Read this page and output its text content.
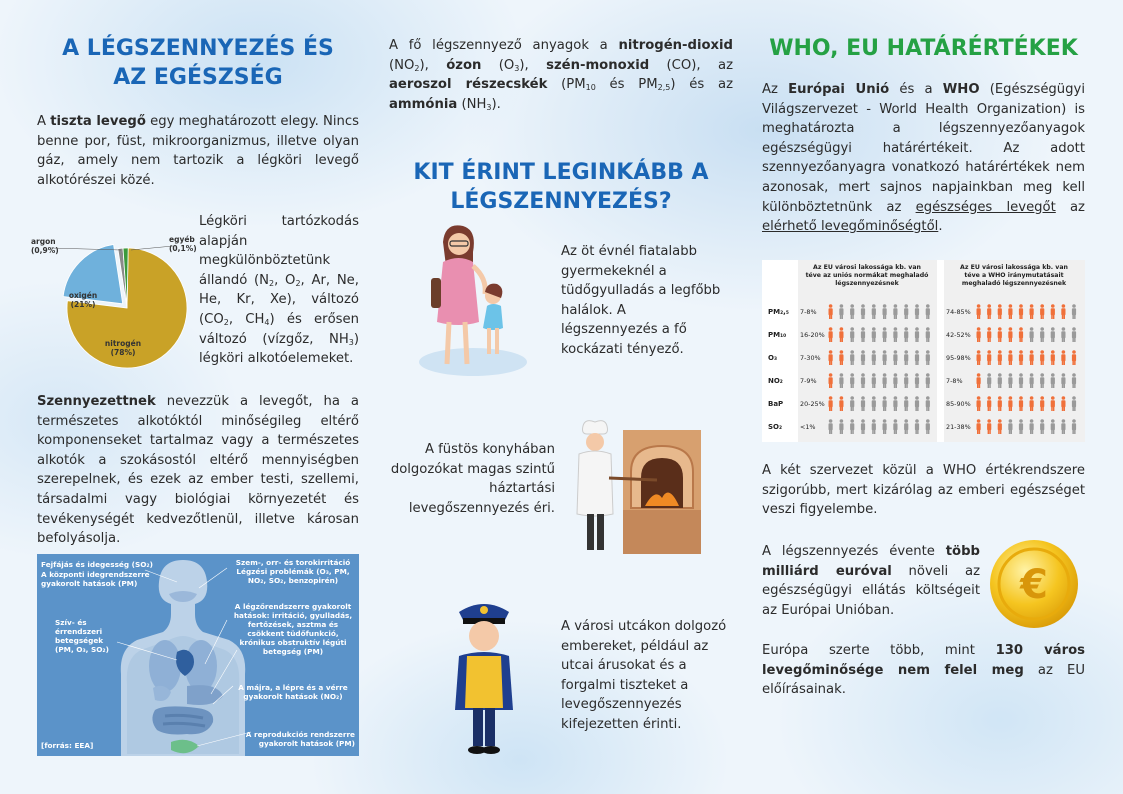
A LÉGSZENNYEZÉS ÉS
AZ EGÉSZSÉG

A tiszta levegő egy meghatározott elegy. Nincs benne por, füst, mikroorganizmus, illetve olyan gáz, amely nem tartozik a légköri levegő alkotórészei közé.

nitrogén
(78%)
oxigén
(21%)
argon
(0,9%)
egyéb
(0,1%)

Légköri tartózkodás alapján megkülönböztetünk állandó ($N_2$, $O_2$, Ar, Ne, He, Kr, Xe), változó ($CO_2$, $CH_4$) és erősen változó (vízgőz, $NH_3$) légköri alkotóelemeket.

Szennyezettnek nevezzük a levegőt, ha a természetes alkotóktól minőségileg eltérő komponenseket tartalmaz vagy a természetes alkotók a szokásostól eltérő mennyiségben szerepelnek, és ezek az ember testi, szellemi, társadalmi vagy biológiai környezetét és tevékenységét kedvezőtlenül, illetve károsan befolyásolja.

Fejfájás és idegesség (SO₂)
A központi idegrendszerre gyakorolt hatások (PM)
Szív- és érrendszeri betegségek (PM, O₃, SO₂)
Szem-, orr- és torokirritáció Légzési problémák (O₃, PM, NO₂, SO₂, benzopirén)
A légzőrendszerre gyakorolt hatások: irritáció, gyulladás, fertőzések, asztma és csökkent tüdőfunkció, krónikus obstruktív légúti betegség (PM)
A májra, a lépre és a vérre gyakorolt hatások (NO₂)
A reprodukciós rendszerre gyakorolt hatások (PM)
[forrás: EEA]

A fő légszennyező anyagok a nitrogén-dioxid $(NO_2)$, ózon $(O_3)$, szén-monoxid (CO), az aeroszol részecskék ($PM_{10}$ és $PM_{2,5}$) és az ammónia $(NH_3)$.

KIT ÉRINT LEGINKÁBB A
LÉGSZENNYEZÉS?
Az öt évnél fiatalabb gyermekeknél a tüdőgyulladás a legfőbb halálok. A légszennyezés a fő kockázati tényező.
A füstös konyhában dolgozókat magas szintű háztartási levegőszennyezés éri.
A városi utcákon dolgozó embereket, például az utcai árusokat és a forgalmi tiszteket a levegőszennyezés kifejezetten érinti.
WHO, EU HATÁRÉRTÉKEK

Az Európai Unió és a WHO (Egészségügyi Világszervezet - World Health Organization) is meghatározta a légszennyezőanyagok egészségügyi határértékeit. Az adott szennyezőanyagra vonatkozó határértékek nem azonosak, mert sajnos napjainkban meg kell különböztetnünk az egészséges levegőt az elérhető levegőminőségtől.

Az EU városi lakossága kb. van téve az uniós normákat meghaladó légszennyezésnek
Az EU városi lakossága kb. van téve a WHO iránymutatásait meghaladó légszennyezésnek
PM₂,₅ 7-8%	74-85%
PM₁₀ 16-20%	42-52%
O₃	7-30%	95-98%
NO₂	7-9%	7-8%
BaP	20-25%	85-90%
SO₂	<1%	21-38%

A két szervezet közül a WHO értékrendszere szigorúbb, mert kizárólag az emberi egészséget veszi figyelembe.

A légszennyezés évente több milliárd euróval növeli az egészségügyi ellátás költségeit az Európai Unióban.

€

Európa szerte több, mint 130 város levegőminősége nem felel meg az EU előírásainak.
